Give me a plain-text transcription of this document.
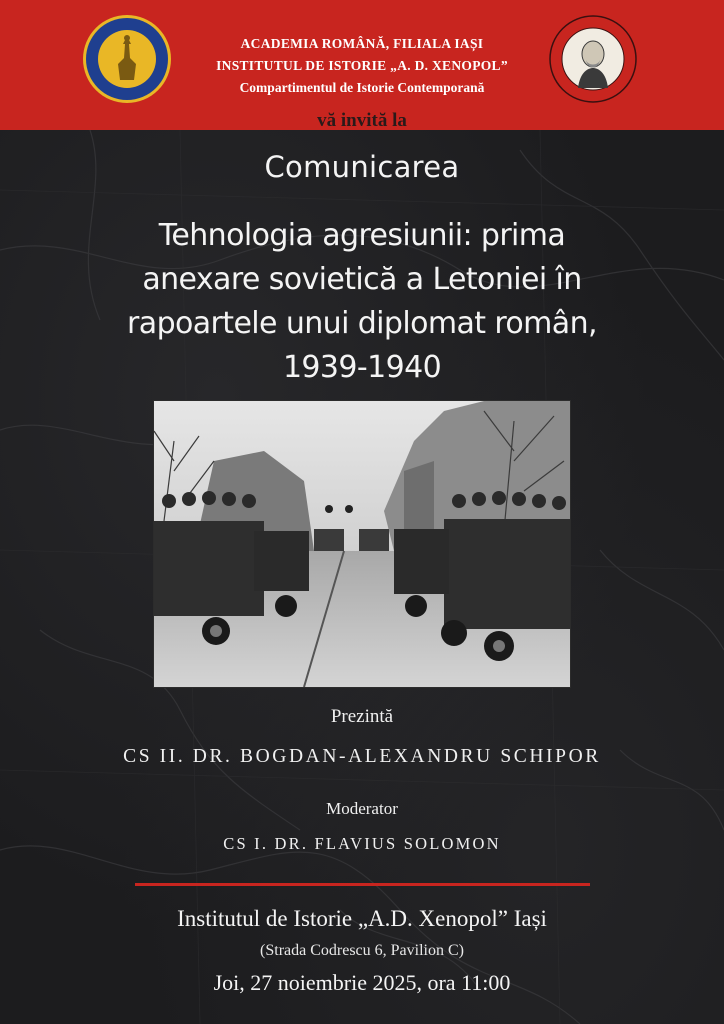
ACADEMIA ROMÂNĂ, FILIALA IAȘI
INSTITUTUL DE ISTORIE „A. D. XENOPOL”
Compartimentul de Istorie Contemporană
vă invită la
Comunicarea
Tehnologia agresiunii: prima
anexare sovietică a Letoniei în
rapoartele unui diplomat român,
1939-1940
Prezintă
CS II. DR. BOGDAN-ALEXANDRU SCHIPOR
Moderator
CS I. DR. FLAVIUS SOLOMON
Institutul de Istorie „A.D. Xenopol” Iași
(Strada Codrescu 6, Pavilion C)
Joi, 27 noiembrie 2025, ora 11:00
